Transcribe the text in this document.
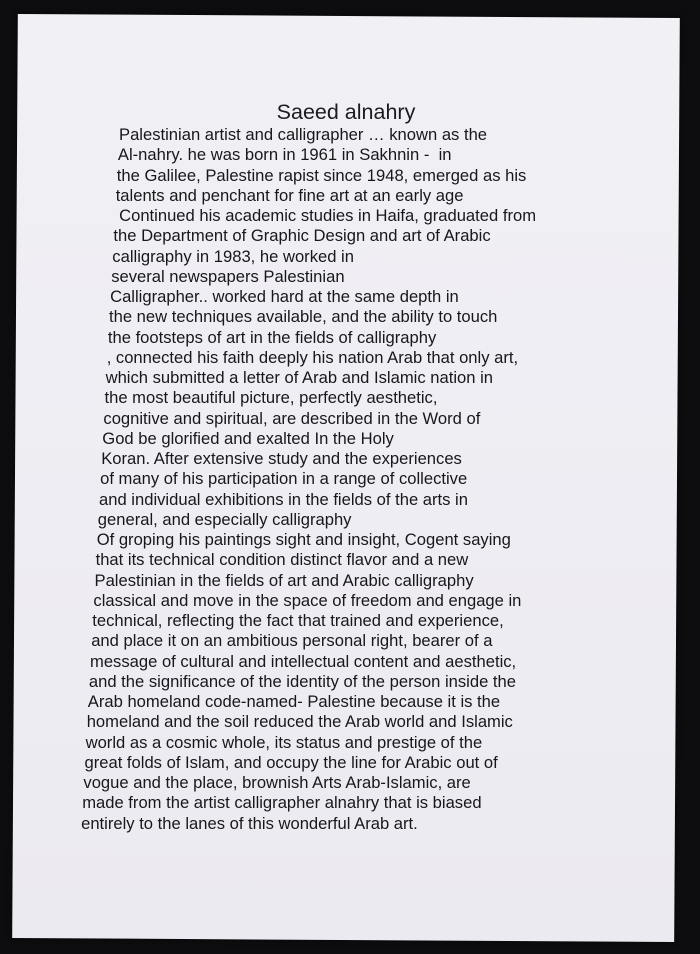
Saeed alnahry
Palestinian artist and calligrapher … known as the
Al-nahry. he was born in 1961 in Sakhnin -  in
the Galilee, Palestine rapist since 1948, emerged as his
talents and penchant for fine art at an early age
Continued his academic studies in Haifa, graduated from
the Department of Graphic Design and art of Arabic
calligraphy in 1983, he worked in
several newspapers Palestinian
Calligrapher.. worked hard at the same depth in
the new techniques available, and the ability to touch
the footsteps of art in the fields of calligraphy
, connected his faith deeply his nation Arab that only art,
which submitted a letter of Arab and Islamic nation in
the most beautiful picture, perfectly aesthetic,
cognitive and spiritual, are described in the Word of
God be glorified and exalted In the Holy
Koran. After extensive study and the experiences
of many of his participation in a range of collective
and individual exhibitions in the fields of the arts in
general, and especially calligraphy
Of groping his paintings sight and insight, Cogent saying
that its technical condition distinct flavor and a new
Palestinian in the fields of art and Arabic calligraphy
classical and move in the space of freedom and engage in
technical, reflecting the fact that trained and experience,
and place it on an ambitious personal right, bearer of a
message of cultural and intellectual content and aesthetic,
and the significance of the identity of the person inside the
Arab homeland code-named- Palestine because it is the
homeland and the soil reduced the Arab world and Islamic
world as a cosmic whole, its status and prestige of the
great folds of Islam, and occupy the line for Arabic out of
vogue and the place, brownish Arts Arab-Islamic, are
made from the artist calligrapher alnahry that is biased
entirely to the lanes of this wonderful Arab art.
